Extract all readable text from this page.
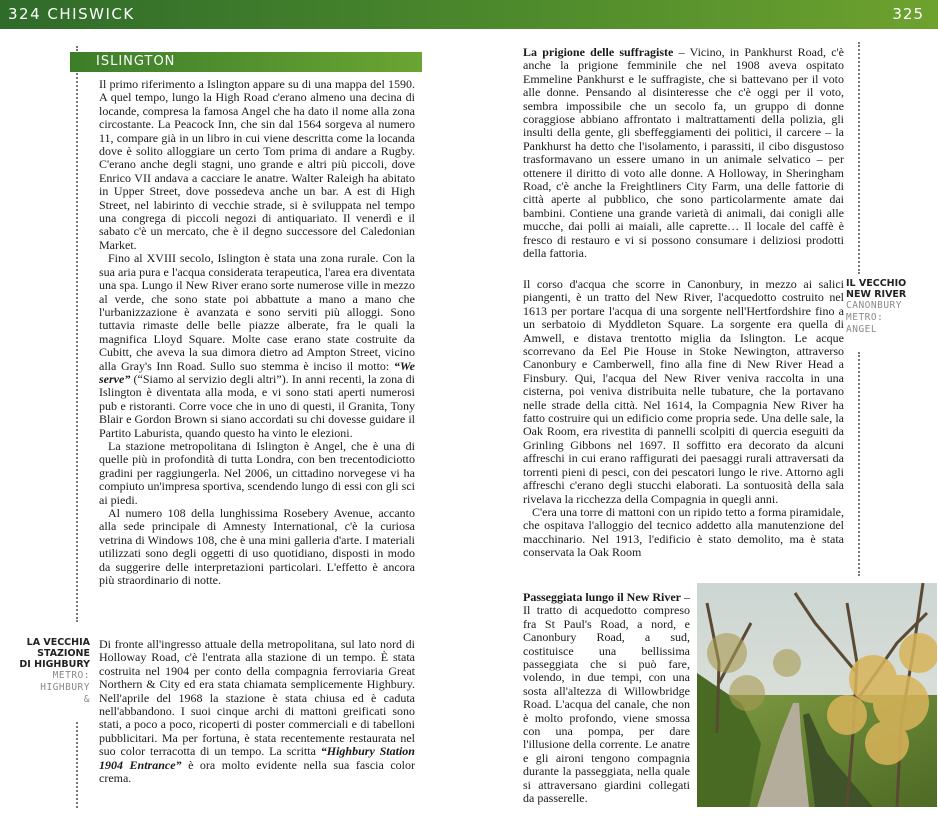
324 CHISWICK	325
ISLINGTON

Il primo riferimento a Islington appare su di una mappa del 1590. A quel tempo, lungo la High Road c'erano almeno una decina di locande, compresa la famosa Angel che ha dato il nome alla zona circostante. La Peacock Inn, che sin dal 1564 sorgeva al numero 11, compare già in un libro in cui viene descritta come la locanda dove è solito alloggiare un certo Tom prima di andare a Rugby. C'erano anche degli stagni, uno grande e altri più piccoli, dove Enrico VII andava a cacciare le anatre. Walter Raleigh ha abitato in Upper Street, dove possedeva anche un bar. A est di High Street, nel labirinto di vecchie strade, si è sviluppata nel tempo una congrega di piccoli negozi di antiquariato. Il venerdì e il sabato c'è un mercato, che è il degno successore del Caledonian Market.

Fino al XVIII secolo, Islington è stata una zona rurale. Con la sua aria pura e l'acqua considerata terapeutica, l'area era diventata una spa. Lungo il New River erano sorte numerose ville in mezzo al verde, che sono state poi abbattute a mano a mano che l'urbanizzazione è avanzata e sono serviti più alloggi. Sono tuttavia rimaste delle belle piazze alberate, fra le quali la magnifica Lloyd Square. Molte case erano state costruite da Cubitt, che aveva la sua dimora dietro ad Ampton Street, vicino alla Gray's Inn Road. Sullo suo stemma è inciso il motto: “We serve” (“Siamo al servizio degli altri”). In anni recenti, la zona di Islington è diventata alla moda, e vi sono stati aperti numerosi pub e ristoranti. Corre voce che in uno di questi, il Granita, Tony Blair e Gordon Brown si siano accordati su chi dovesse guidare il Partito Laburista, quando questo ha vinto le elezioni.

La stazione metropolitana di Islington è Angel, che è una di quelle più in profondità di tutta Londra, con ben trecentodiciotto gradini per raggiungerla. Nel 2006, un cittadino norvegese vi ha compiuto un'impresa sportiva, scendendo lungo di essi con gli sci ai piedi.

Al numero 108 della lunghissima Rosebery Avenue, accanto alla sede principale di Amnesty International, c'è la curiosa vetrina di Windows 108, che è una mini galleria d'arte. I materiali utilizzati sono degli oggetti di uso quotidiano, disposti in modo da suggerire delle interpretazioni particolari. L'effetto è ancora più straordinario di notte.

LA VECCHIA
STAZIONE
DI HIGHBURY
METRO:
HIGHBURY
&

Di fronte all'ingresso attuale della metropolitana, sul lato nord di Holloway Road, c'è l'entrata alla stazione di un tempo. È stata costruita nel 1904 per conto della compagnia ferroviaria Great Northern & City ed era stata chiamata semplicemente Highbury. Nell'aprile del 1968 la stazione è stata chiusa ed è caduta nell'abbandono. I suoi cinque archi di mattoni greificati sono stati, a poco a poco, ricoperti di poster commerciali e di tabelloni pubblicitari. Ma per fortuna, è stata recentemente restaurata nel suo color terracotta di un tempo. La scritta “Highbury Station 1904 Entrance” è ora molto evidente nella sua fascia color crema.

La prigione delle suffragiste – Vicino, in Pankhurst Road, c'è anche la prigione femminile che nel 1908 aveva ospitato Emmeline Pankhurst e le suffragiste, che si battevano per il voto alle donne. Pensando al disinteresse che c'è oggi per il voto, sembra impossibile che un secolo fa, un gruppo di donne coraggiose abbiano affrontato i maltrattamenti della polizia, gli insulti della gente, gli sbeffeggiamenti dei politici, il carcere – la Pankhurst ha detto che l'isolamento, i parassiti, il cibo disgustoso trasformavano un essere umano in un animale selvatico – per ottenere il diritto di voto alle donne. A Holloway, in Sheringham Road, c'è anche la Freightliners City Farm, una delle fattorie di città aperte al pubblico, che sono particolarmente amate dai bambini. Contiene una grande varietà di animali, dai conigli alle mucche, dai polli ai maiali, alle caprette… Il locale del caffè è fresco di restauro e vi si possono consumare i deliziosi prodotti della fattoria.

IL VECCHIO
NEW RIVER
CANONBURY
METRO:
ANGEL

Il corso d'acqua che scorre in Canonbury, in mezzo ai salici piangenti, è un tratto del New River, l'acquedotto costruito nel 1613 per portare l'acqua di una sorgente nell'Hertfordshire fino a un serbatoio di Myddleton Square. La sorgente era quella di Amwell, e distava trentotto miglia da Islington. Le acque scorrevano da Eel Pie House in Stoke Newington, attraverso Canonbury e Camberwell, fino alla fine di New River Head a Finsbury. Qui, l'acqua del New River veniva raccolta in una cisterna, poi veniva distribuita nelle tubature, che la portavano nelle strade della città. Nel 1614, la Compagnia New River ha fatto costruire qui un edificio come propria sede. Una delle sale, la Oak Room, era rivestita di pannelli scolpiti di quercia eseguiti da Grinling Gibbons nel 1697. Il soffitto era decorato da alcuni affreschi in cui erano raffigurati dei paesaggi rurali attraversati da torrenti pieni di pesci, con dei pescatori lungo le rive. Attorno agli affreschi c'erano degli stucchi elaborati. La sontuosità della sala rivelava la ricchezza della Compagnia in quegli anni.

C'era una torre di mattoni con un ripido tetto a forma piramidale, che ospitava l'alloggio del tecnico addetto alla manutenzione del macchinario. Nel 1913, l'edificio è stato demolito, ma è stata conservata la Oak Room

Passeggiata lungo il New River – Il tratto di acquedotto compreso fra St Paul's Road, a nord, e Canonbury Road, a sud, costituisce una bellissima passeggiata che si può fare, volendo, in due tempi, con una sosta all'altezza di Willowbridge Road. L'acqua del canale, che non è molto profondo, viene smossa con una pompa, per dare l'illusione della corrente. Le anatre e gli aironi tengono compagnia durante la passeggiata, nella quale si attraversano giardini collegati da passerelle.
